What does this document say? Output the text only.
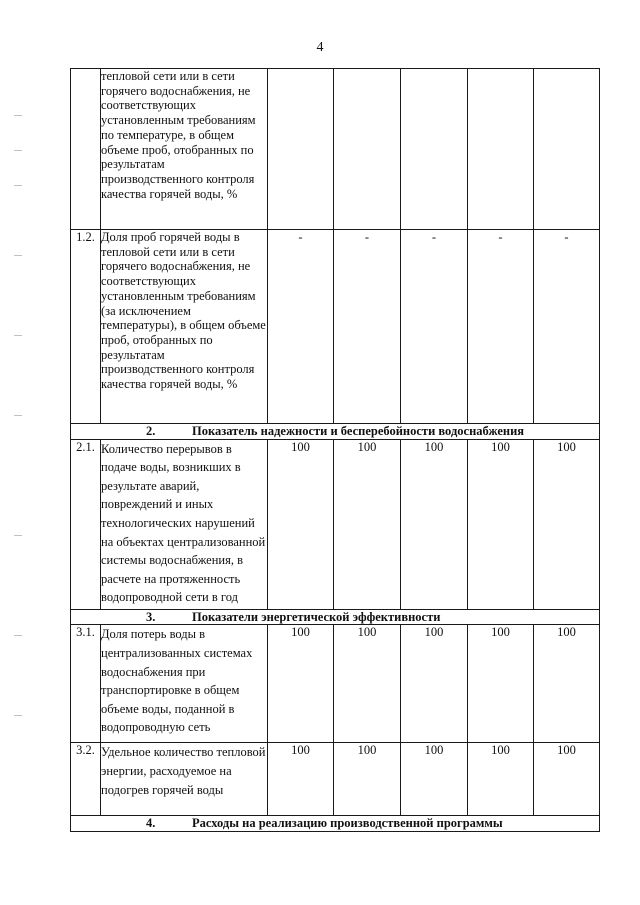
4
	тепловой сети или в сети горячего водоснабжения, не соответствующих установленным требованиям по температуре, в общем объеме проб, отобранных по результатам производственного контроля качества горячей воды, %					
1.2.	Доля проб горячей воды в тепловой сети или в сети горячего водоснабжения, не соответствующих установленным требованиям (за исключением температуры), в общем объеме проб, отобранных по результатам производственного контроля качества горячей воды, %	-	-	-	-	-

2. Показатель надежности и бесперебойности водоснабжения						

2.1.	Количество перерывов в подаче воды, возникших в результате аварий, повреждений и иных технологических нарушений на объектах централизованной системы водоснабжения, в расчете на протяженность водопроводной сети в год	100	100	100	100	100

3. Показатели энергетической эффективности						

3.1.	Доля потерь воды в централизованных системах водоснабжения при транспортировке в общем объеме воды, поданной в водопроводную сеть	100	100	100	100	100
3.2.	Удельное количество тепловой энергии, расходуемое на подогрев горячей воды	100	100	100	100	100

4. Расходы на реализацию производственной программы						
